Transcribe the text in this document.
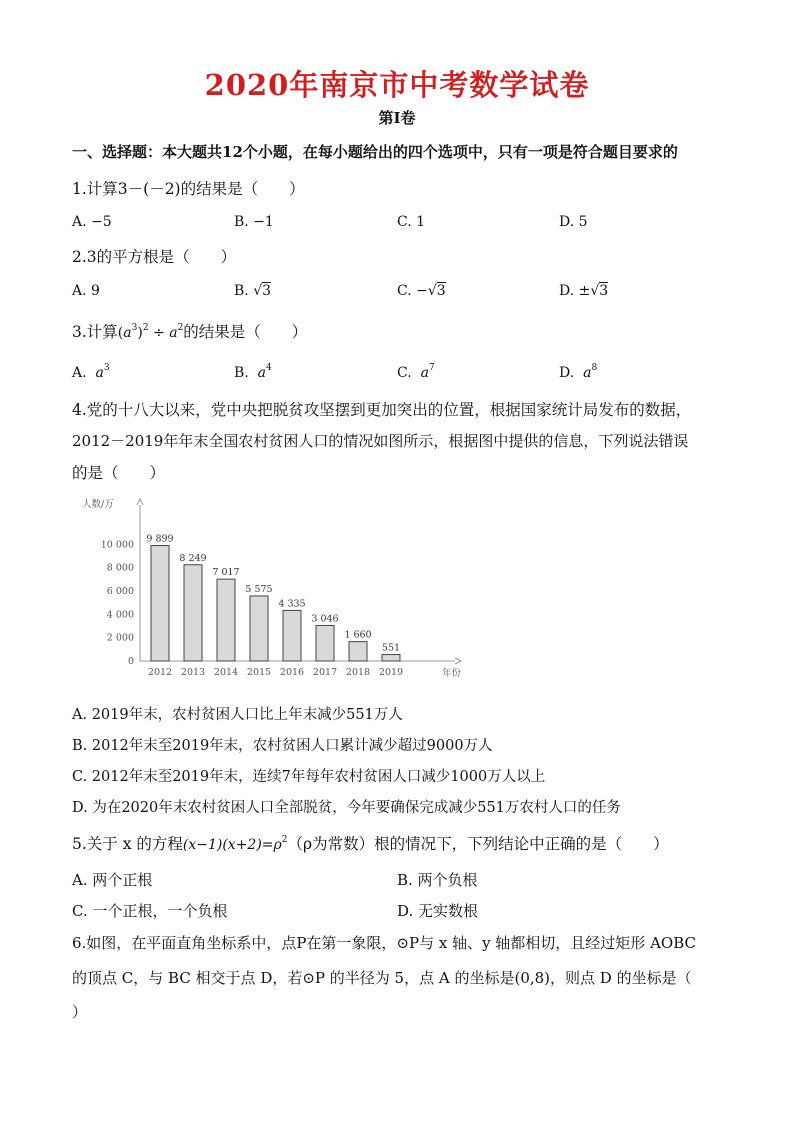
2020年南京市中考数学试卷
第Ⅰ卷
一、选择题：本大题共12个小题，在每小题给出的四个选项中，只有一项是符合题目要求的
1.计算3－(－2)的结果是（　　）
A. −5	B. −1	C. 1	D. 5
2.3的平方根是（　　）
A. 9	B. √3	C. −√3	D. ±√3
3.计算$(a^3)^2 \div a^2$的结果是（　　）
A. $a^3$	B. $a^4$	C. $a^7$	D. $a^8$
4.党的十八大以来，党中央把脱贫攻坚摆到更加突出的位置，根据国家统计局发布的数据，
2012－2019年年末全国农村贫困人口的情况如图所示，根据图中提供的信息，下列说法错误
的是（　　）
0
2 000
4 000
6 000
8 000
10 000
人数/万
年份
9 899
2012
8 249
2013
7 017
2014
5 575
2015
4 335
2016
3 046
2017
1 660
2018
551
2019
A. 2019年末，农村贫困人口比上年末减少551万人
B. 2012年末至2019年末，农村贫困人口累计减少超过9000万人
C. 2012年末至2019年末，连续7年每年农村贫困人口减少1000万人以上
D. 为在2020年末农村贫困人口全部脱贫，今年要确保完成减少551万农村人口的任务
5.关于 x 的方程$(x-1)(x+2)=\rho^2(\rho$为常数）根的情况下，下列结论中正确的是（　　）
A. 两个正根	B. 两个负根
C. 一个正根，一个负根	D. 无实数根
6.如图，在平面直角坐标系中，点P在第一象限，⊙P与 x 轴、y 轴都相切，且经过矩形 AOBC
的顶点 C，与 BC 相交于点 D，若⊙P 的半径为 5，点 A 的坐标是(0,8)，则点 D 的坐标是（
）
